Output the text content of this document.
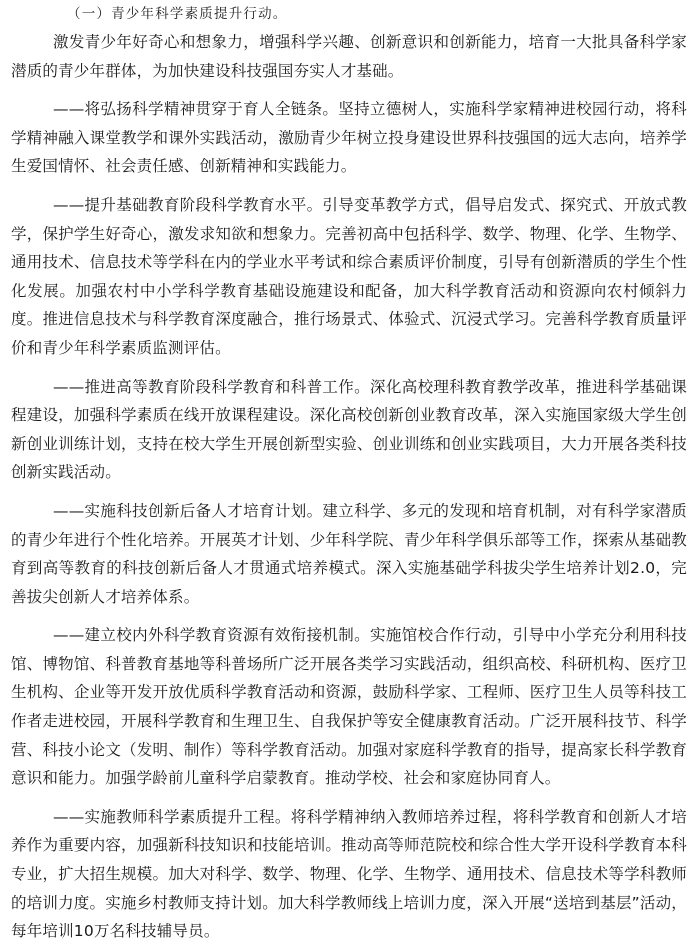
（一）青少年科学素质提升行动。

激发青少年好奇心和想象力，增强科学兴趣、创新意识和创新能力，培育一大批具备科学家潜质的青少年群体，为加快建设科技强国夯实人才基础。

——将弘扬科学精神贯穿于育人全链条。坚持立德树人，实施科学家精神进校园行动，将科学精神融入课堂教学和课外实践活动，激励青少年树立投身建设世界科技强国的远大志向，培养学生爱国情怀、社会责任感、创新精神和实践能力。

——提升基础教育阶段科学教育水平。引导变革教学方式，倡导启发式、探究式、开放式教学，保护学生好奇心，激发求知欲和想象力。完善初高中包括科学、数学、物理、化学、生物学、通用技术、信息技术等学科在内的学业水平考试和综合素质评价制度，引导有创新潜质的学生个性化发展。加强农村中小学科学教育基础设施建设和配备，加大科学教育活动和资源向农村倾斜力度。推进信息技术与科学教育深度融合，推行场景式、体验式、沉浸式学习。完善科学教育质量评价和青少年科学素质监测评估。

——推进高等教育阶段科学教育和科普工作。深化高校理科教育教学改革，推进科学基础课程建设，加强科学素质在线开放课程建设。深化高校创新创业教育改革，深入实施国家级大学生创新创业训练计划，支持在校大学生开展创新型实验、创业训练和创业实践项目，大力开展各类科技创新实践活动。

——实施科技创新后备人才培育计划。建立科学、多元的发现和培育机制，对有科学家潜质的青少年进行个性化培养。开展英才计划、少年科学院、青少年科学俱乐部等工作，探索从基础教育到高等教育的科技创新后备人才贯通式培养模式。深入实施基础学科拔尖学生培养计划2.0，完善拔尖创新人才培养体系。

——建立校内外科学教育资源有效衔接机制。实施馆校合作行动，引导中小学充分利用科技馆、博物馆、科普教育基地等科普场所广泛开展各类学习实践活动，组织高校、科研机构、医疗卫生机构、企业等开发开放优质科学教育活动和资源，鼓励科学家、工程师、医疗卫生人员等科技工作者走进校园，开展科学教育和生理卫生、自我保护等安全健康教育活动。广泛开展科技节、科学营、科技小论文（发明、制作）等科学教育活动。加强对家庭科学教育的指导，提高家长科学教育意识和能力。加强学龄前儿童科学启蒙教育。推动学校、社会和家庭协同育人。

——实施教师科学素质提升工程。将科学精神纳入教师培养过程，将科学教育和创新人才培养作为重要内容，加强新科技知识和技能培训。推动高等师范院校和综合性大学开设科学教育本科专业，扩大招生规模。加大对科学、数学、物理、化学、生物学、通用技术、信息技术等学科教师的培训力度。实施乡村教师支持计划。加大科学教师线上培训力度，深入开展“送培到基层”活动，每年培训10万名科技辅导员。
